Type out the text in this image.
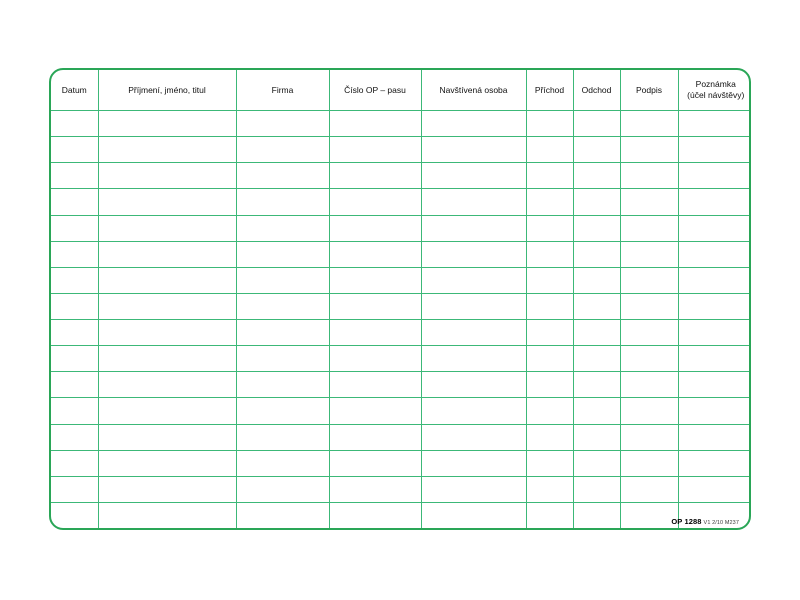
Datum	Příjmení, jméno, titul	Firma	Číslo OP – pasu	Navštívená osoba	Příchod	Odchod	Podpis	Poznámka
(účel návštěvy)

OP 1288 V1 2/10 M237
